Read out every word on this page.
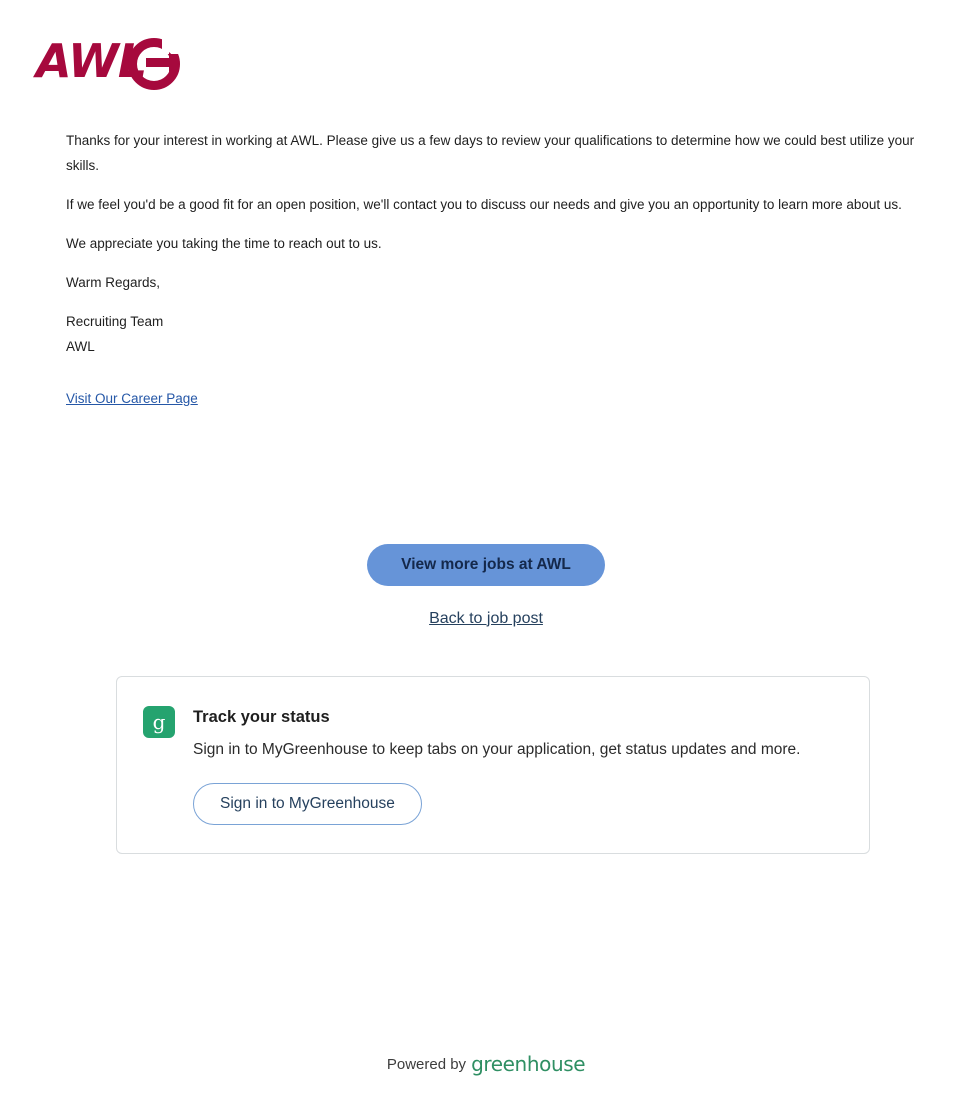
AWL

Thanks for your interest in working at AWL. Please give us a few days to review your qualifications to determine how we could best utilize your skills.

If we feel you'd be a good fit for an open position, we'll contact you to discuss our needs and give you an opportunity to learn more about us.

We appreciate you taking the time to reach out to us.

Warm Regards,

Recruiting Team

AWL

Visit Our Career Page
View more jobs at AWL
Back to job post
g	Track your status

Sign in to MyGreenhouse to keep tabs on your application, get status updates and more.

Sign in to MyGreenhouse
Powered by greenhouse
